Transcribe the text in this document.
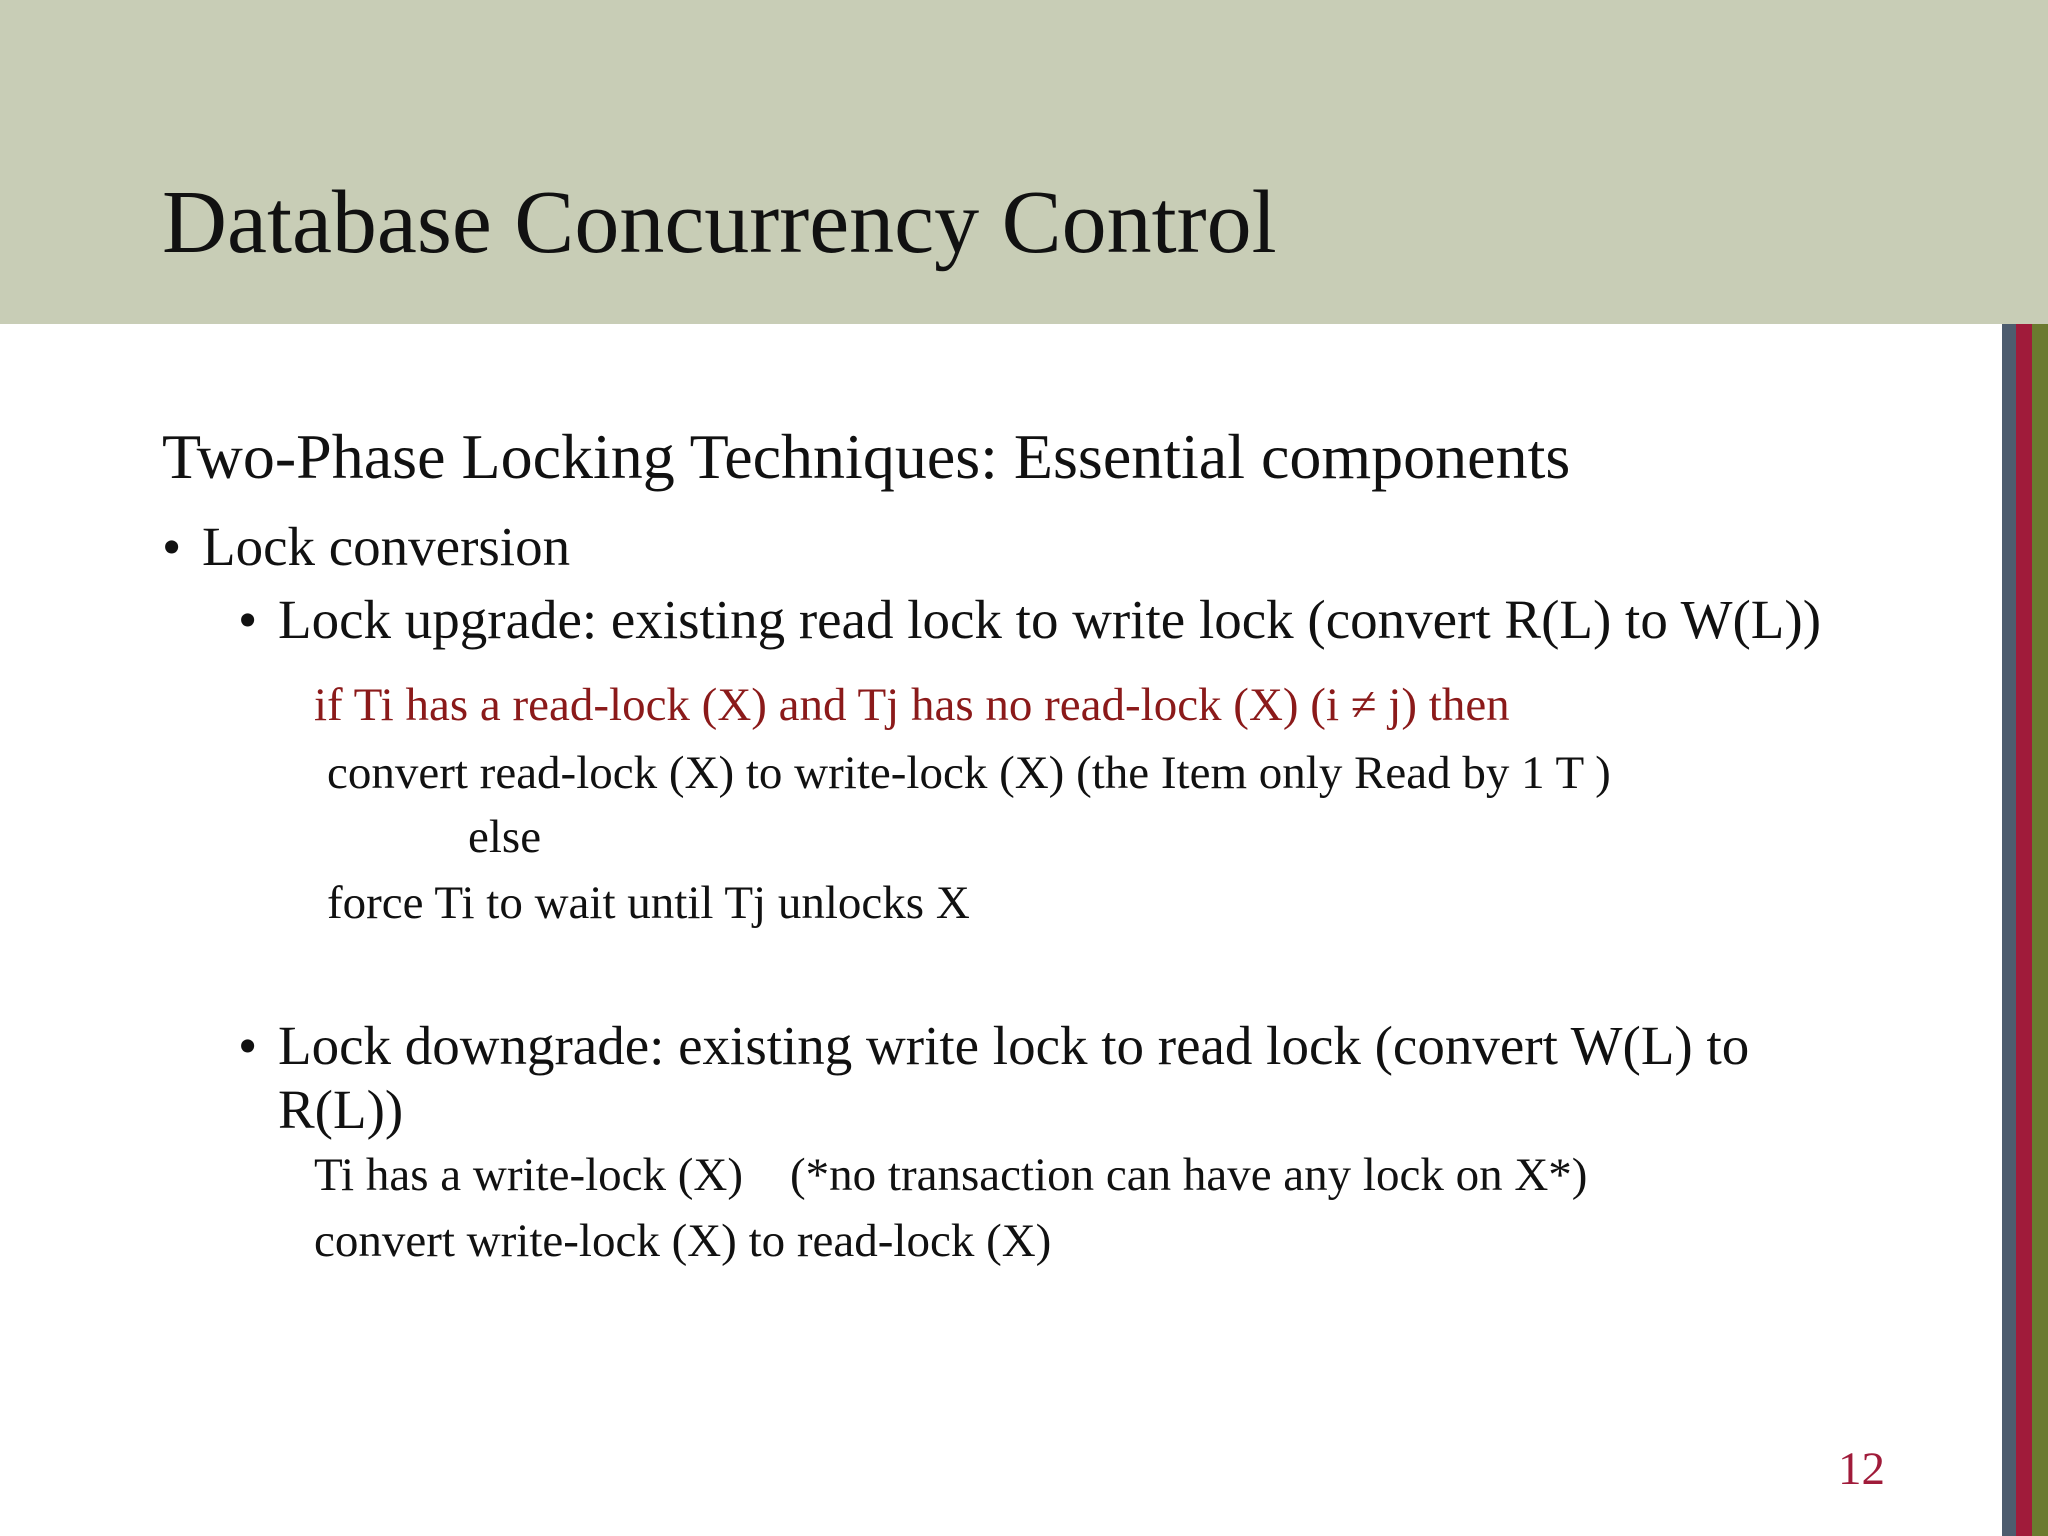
Database Concurrency Control

Two-Phase Locking Techniques: Essential components

• Lock conversion
• Lock upgrade: existing read lock to write lock (convert R(L) to W(L))

if Ti has a read-lock (X) and Tj has no read-lock (X) (i ≠ j) then

convert read-lock (X) to write-lock (X) (the Item only Read by 1 T )

else

force Ti to wait until Tj unlocks X

• Lock downgrade: existing write lock to read lock (convert W(L) to

R(L))

Ti has a write-lock (X)    (*no transaction can have any lock on X*)

convert write-lock (X) to read-lock (X)

12
